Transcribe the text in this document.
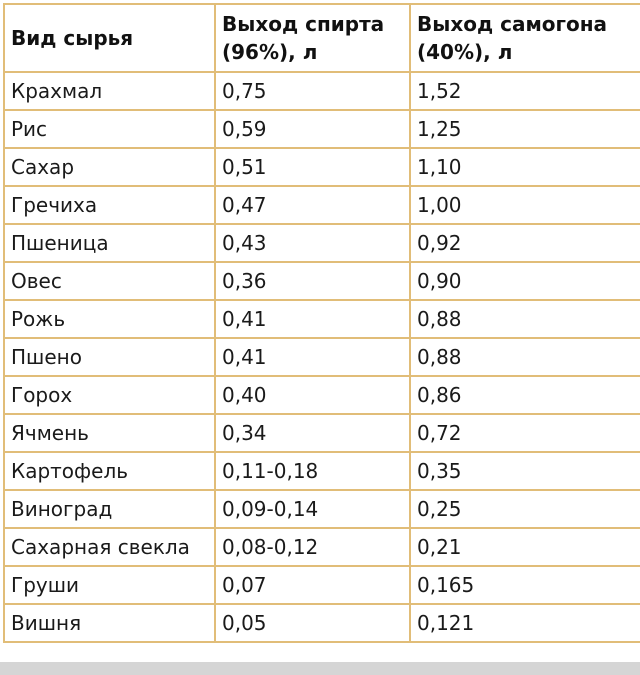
Вид сырья	Выход спирта (96%), л	Выход самогона (40%), л
Крахмал	0,75	1,52
Рис	0,59	1,25
Сахар	0,51	1,10
Гречиха	0,47	1,00
Пшеница	0,43	0,92
Овес	0,36	0,90
Рожь	0,41	0,88
Пшено	0,41	0,88
Горох	0,40	0,86
Ячмень	0,34	0,72
Картофель	0,11-0,18	0,35
Виноград	0,09-0,14	0,25
Сахарная свекла	0,08-0,12	0,21
Груши	0,07	0,165
Вишня	0,05	0,121
